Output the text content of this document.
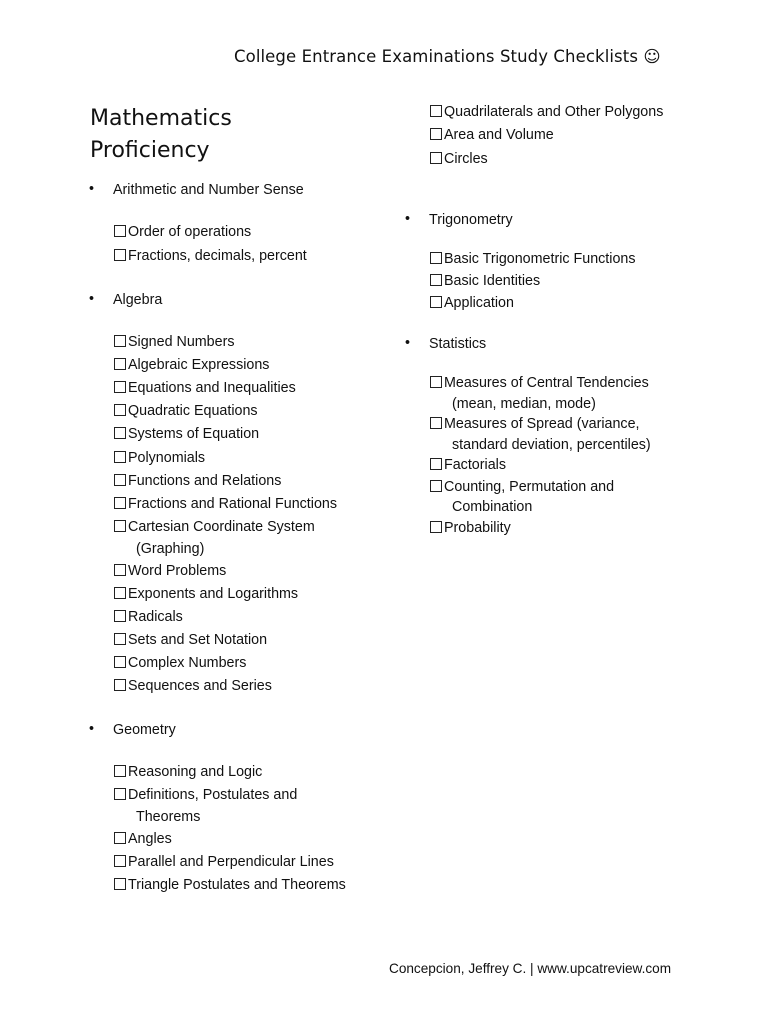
College Entrance Examinations Study Checklists ☺
Mathematics
Proficiency
• Arithmetic and Number Sense
Order of operations
Fractions, decimals, percent
• Algebra
Signed Numbers
Algebraic Expressions
Equations and Inequalities
Quadratic Equations
Systems of Equation
Polynomials
Functions and Relations
Fractions and Rational Functions
Cartesian Coordinate System
(Graphing)
Word Problems
Exponents and Logarithms
Radicals
Sets and Set Notation
Complex Numbers
Sequences and Series
• Geometry
Reasoning and Logic
Definitions, Postulates and
Theorems
Angles
Parallel and Perpendicular Lines
Triangle Postulates and Theorems
Quadrilaterals and Other Polygons
Area and Volume
Circles
• Trigonometry
Basic Trigonometric Functions
Basic Identities
Application
• Statistics
Measures of Central Tendencies
(mean, median, mode)
Measures of Spread (variance,
standard deviation, percentiles)
Factorials
Counting, Permutation and
Combination
Probability
Concepcion, Jeffrey C. | www.upcatreview.com
